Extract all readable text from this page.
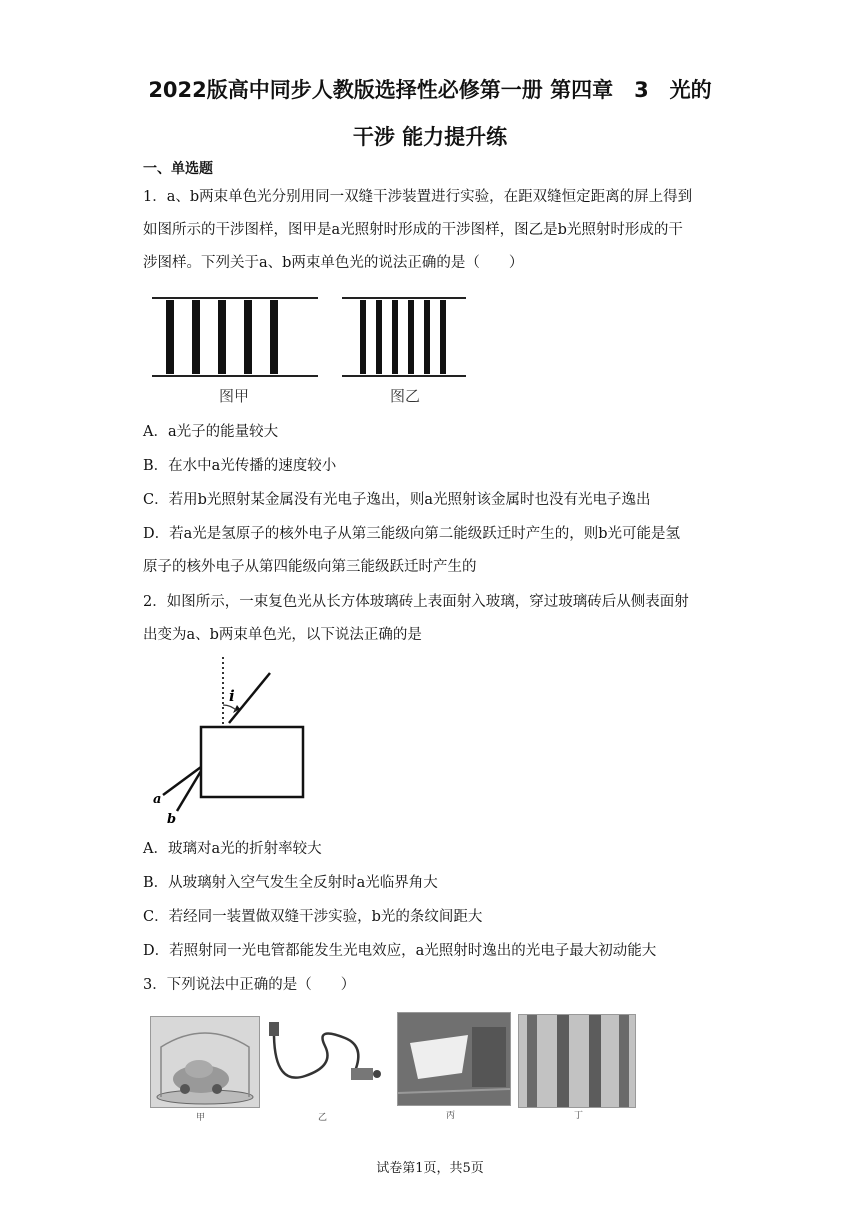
2022版高中同步人教版选择性必修第一册 第四章　3　光的
干涉 能力提升练
一、单选题
1．a、b两束单色光分别用同一双缝干涉装置进行实验，在距双缝恒定距离的屏上得到
如图所示的干涉图样，图甲是a光照射时形成的干涉图样，图乙是b光照射时形成的干
涉图样。下列关于a、b两束单色光的说法正确的是（　　）
图甲	图乙
A．a光子的能量较大
B．在水中a光传播的速度较小
C．若用b光照射某金属没有光电子逸出，则a光照射该金属时也没有光电子逸出
D．若a光是氢原子的核外电子从第三能级向第二能级跃迁时产生的，则b光可能是氢
原子的核外电子从第四能级向第三能级跃迁时产生的
2．如图所示，一束复色光从长方体玻璃砖上表面射入玻璃，穿过玻璃砖后从侧表面射
出变为a、b两束单色光，以下说法正确的是
i
a
b
A．玻璃对a光的折射率较大
B．从玻璃射入空气发生全反射时a光临界角大
C．若经同一装置做双缝干涉实验，b光的条纹间距大
D．若照射同一光电管都能发生光电效应，a光照射时逸出的光电子最大初动能大
3．下列说法中正确的是（　　）
甲	乙	丙	丁
试卷第1页，共5页
